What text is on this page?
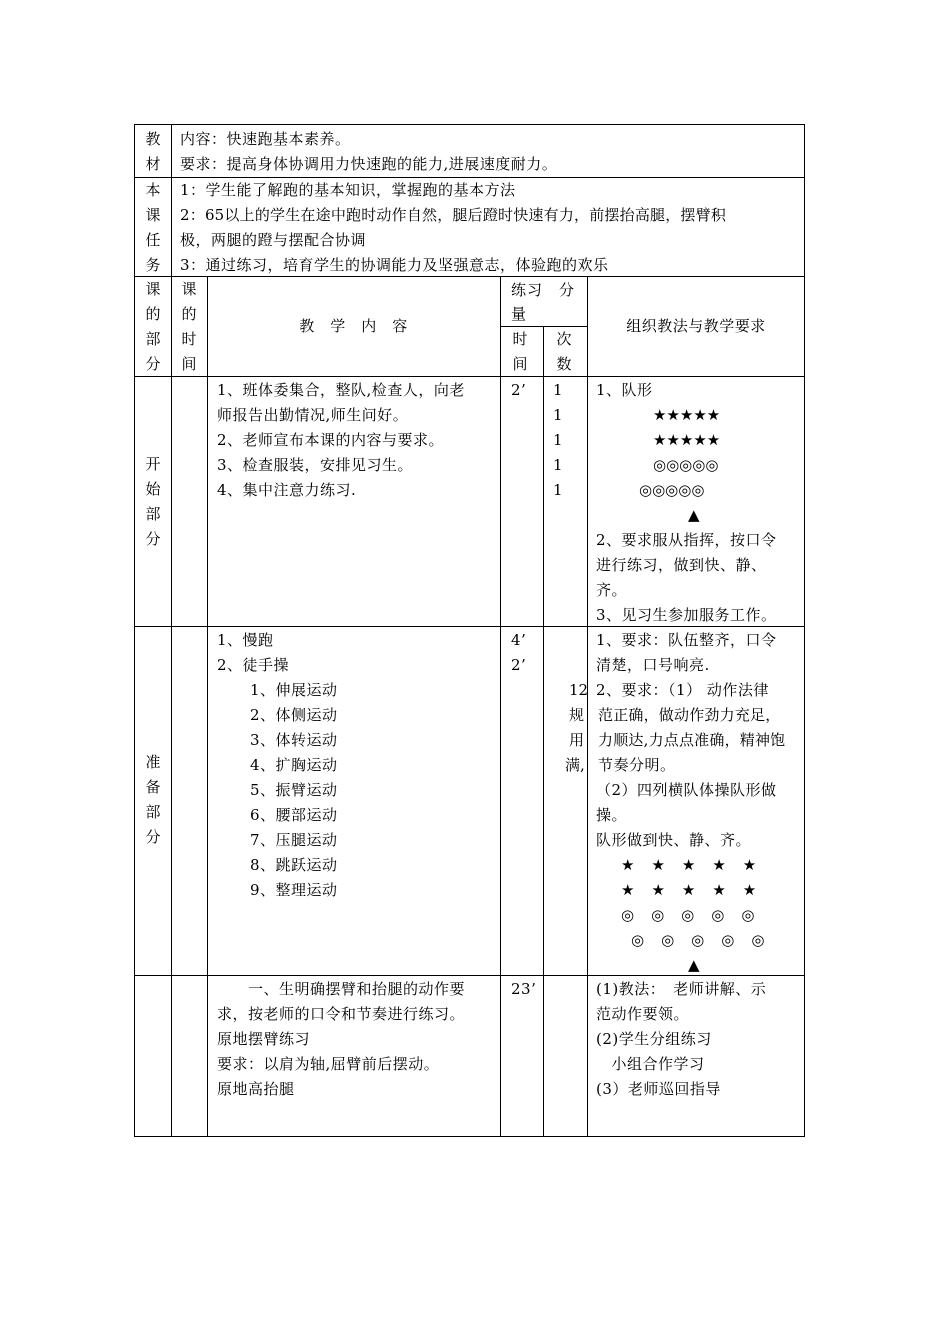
教
材
内容：快速跑基本素养。
要求：提高身体协调用力快速跑的能力,进展速度耐力。
本
课
任
务
1：学生能了解跑的基本知识，掌握跑的基本方法
2：65以上的学生在途中跑时动作自然，腿后蹬时快速有力，前摆抬高腿，摆臂积
极，两腿的蹬与摆配合协调
3：通过练习，培育学生的协调能力及坚强意志，体验跑的欢乐
课
的
部
分
课
的
时
间
教　学　内　容
练习　分
量
时
间
次
数
组织教法与教学要求
开
始
部
分
1、班体委集合，整队,检查人，向老
师报告出勤情况,师生问好。
2、老师宣布本课的内容与要求。
3、检查服装，安排见习生。
4、集中注意力练习.
2’ 1
1
1
1
1
1、队形
★★★★★
★★★★★
◎◎◎◎◎
◎◎◎◎◎
▲
2、要求服从指挥，按口令
进行练习，做到快、静、
齐。
3、见习生参加服务工作。
准
备
部
分
1、慢跑
2、徒手操
1、伸展运动
2、体侧运动
3、体转运动
4、扩胸运动
5、振臂运动
6、腰部运动
7、压腿运动
8、跳跃运动
9、整理运动
4’
2’
12
规
用
满,
1、要求：队伍整齐，口令
清楚，口号响亮.
2、要求：（1） 动作法律
范正确，做动作劲力充足，
力顺达,力点点准确，精神饱
节奏分明。
（2）四列横队体操队形做
操。
队形做到快、静、齐。
★　★　★　★　★
★　★　★　★　★
◎　◎　◎　◎　◎
◎　◎　◎　◎　◎
▲
　　一、生明确摆臂和抬腿的动作要
求，按老师的口令和节奏进行练习。
原地摆臂练习
要求：以肩为轴,屈臂前后摆动。
原地高抬腿
23’	(1)教法：　老师讲解、示
范动作要领。
(2)学生分组练习
　小组合作学习
(3）老师巡回指导
